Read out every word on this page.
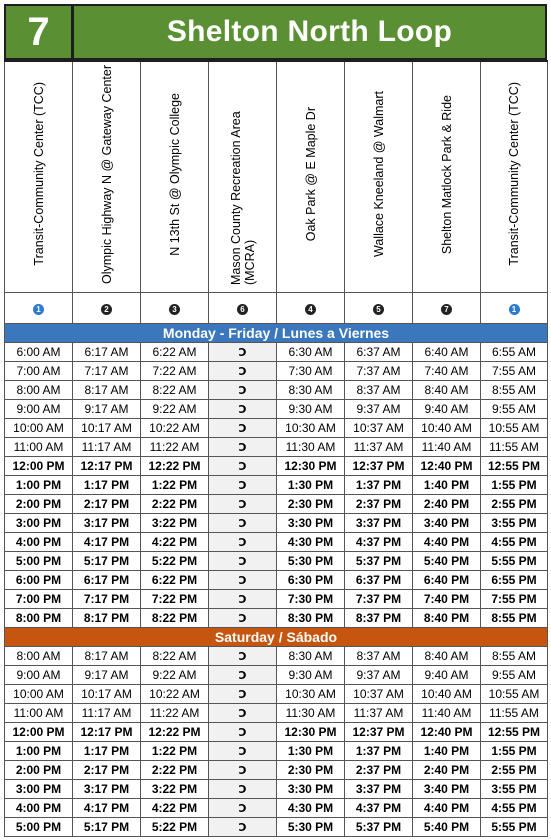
7	Shelton North Loop
Transit-Community Center (TCC)	Olympic Highway N @ Gateway Center	N 13th St @ Olympic College	Mason County Recreation Area (MCRA)	Oak Park @ E Maple Dr	Wallace Kneeland @ Walmart	Shelton Matlock Park & Ride	Transit-Community Center (TCC)
1	2	3	6	4	5	7	1
Monday - Friday / Lunes a Viernes							
6:00 AM	6:17 AM	6:22 AM	Ↄ	6:30 AM	6:37 AM	6:40 AM	6:55 AM
7:00 AM	7:17 AM	7:22 AM	Ↄ	7:30 AM	7:37 AM	7:40 AM	7:55 AM
8:00 AM	8:17 AM	8:22 AM	Ↄ	8:30 AM	8:37 AM	8:40 AM	8:55 AM
9:00 AM	9:17 AM	9:22 AM	Ↄ	9:30 AM	9:37 AM	9:40 AM	9:55 AM
10:00 AM	10:17 AM	10:22 AM	Ↄ	10:30 AM	10:37 AM	10:40 AM	10:55 AM
11:00 AM	11:17 AM	11:22 AM	Ↄ	11:30 AM	11:37 AM	11:40 AM	11:55 AM
12:00 PM	12:17 PM	12:22 PM	Ↄ	12:30 PM	12:37 PM	12:40 PM	12:55 PM
1:00 PM	1:17 PM	1:22 PM	Ↄ	1:30 PM	1:37 PM	1:40 PM	1:55 PM
2:00 PM	2:17 PM	2:22 PM	Ↄ	2:30 PM	2:37 PM	2:40 PM	2:55 PM
3:00 PM	3:17 PM	3:22 PM	Ↄ	3:30 PM	3:37 PM	3:40 PM	3:55 PM
4:00 PM	4:17 PM	4:22 PM	Ↄ	4:30 PM	4:37 PM	4:40 PM	4:55 PM
5:00 PM	5:17 PM	5:22 PM	Ↄ	5:30 PM	5:37 PM	5:40 PM	5:55 PM
6:00 PM	6:17 PM	6:22 PM	Ↄ	6:30 PM	6:37 PM	6:40 PM	6:55 PM
7:00 PM	7:17 PM	7:22 PM	Ↄ	7:30 PM	7:37 PM	7:40 PM	7:55 PM
8:00 PM	8:17 PM	8:22 PM	Ↄ	8:30 PM	8:37 PM	8:40 PM	8:55 PM
Saturday / Sábado							
8:00 AM	8:17 AM	8:22 AM	Ↄ	8:30 AM	8:37 AM	8:40 AM	8:55 AM
9:00 AM	9:17 AM	9:22 AM	Ↄ	9:30 AM	9:37 AM	9:40 AM	9:55 AM
10:00 AM	10:17 AM	10:22 AM	Ↄ	10:30 AM	10:37 AM	10:40 AM	10:55 AM
11:00 AM	11:17 AM	11:22 AM	Ↄ	11:30 AM	11:37 AM	11:40 AM	11:55 AM
12:00 PM	12:17 PM	12:22 PM	Ↄ	12:30 PM	12:37 PM	12:40 PM	12:55 PM
1:00 PM	1:17 PM	1:22 PM	Ↄ	1:30 PM	1:37 PM	1:40 PM	1:55 PM
2:00 PM	2:17 PM	2:22 PM	Ↄ	2:30 PM	2:37 PM	2:40 PM	2:55 PM
3:00 PM	3:17 PM	3:22 PM	Ↄ	3:30 PM	3:37 PM	3:40 PM	3:55 PM
4:00 PM	4:17 PM	4:22 PM	Ↄ	4:30 PM	4:37 PM	4:40 PM	4:55 PM
5:00 PM	5:17 PM	5:22 PM	Ↄ	5:30 PM	5:37 PM	5:40 PM	5:55 PM
